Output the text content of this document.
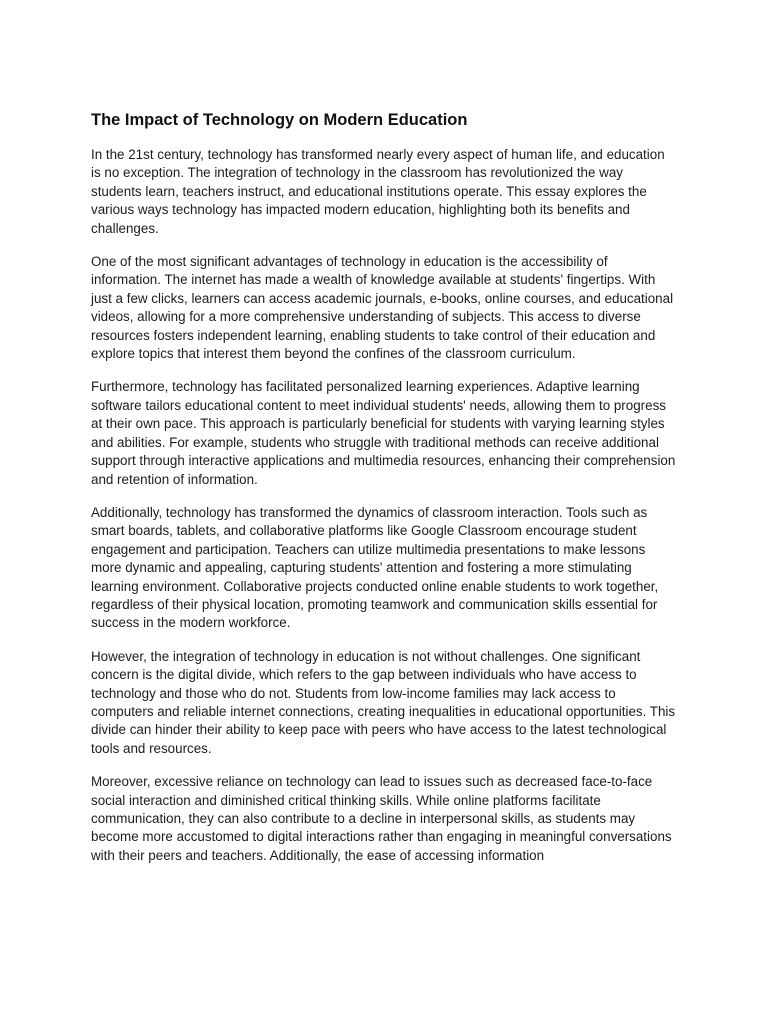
The Impact of Technology on Modern Education

In the 21st century, technology has transformed nearly every aspect of human life, and education is no exception. The integration of technology in the classroom has revolutionized the way students learn, teachers instruct, and educational institutions operate. This essay explores the various ways technology has impacted modern education, highlighting both its benefits and challenges.

One of the most significant advantages of technology in education is the accessibility of information. The internet has made a wealth of knowledge available at students' fingertips. With just a few clicks, learners can access academic journals, e-books, online courses, and educational videos, allowing for a more comprehensive understanding of subjects. This access to diverse resources fosters independent learning, enabling students to take control of their education and explore topics that interest them beyond the confines of the classroom curriculum.

Furthermore, technology has facilitated personalized learning experiences. Adaptive learning software tailors educational content to meet individual students' needs, allowing them to progress at their own pace. This approach is particularly beneficial for students with varying learning styles and abilities. For example, students who struggle with traditional methods can receive additional support through interactive applications and multimedia resources, enhancing their comprehension and retention of information.

Additionally, technology has transformed the dynamics of classroom interaction. Tools such as smart boards, tablets, and collaborative platforms like Google Classroom encourage student engagement and participation. Teachers can utilize multimedia presentations to make lessons more dynamic and appealing, capturing students' attention and fostering a more stimulating learning environment. Collaborative projects conducted online enable students to work together, regardless of their physical location, promoting teamwork and communication skills essential for success in the modern workforce.

However, the integration of technology in education is not without challenges. One significant concern is the digital divide, which refers to the gap between individuals who have access to technology and those who do not. Students from low-income families may lack access to computers and reliable internet connections, creating inequalities in educational opportunities. This divide can hinder their ability to keep pace with peers who have access to the latest technological tools and resources.

Moreover, excessive reliance on technology can lead to issues such as decreased face-to-face social interaction and diminished critical thinking skills. While online platforms facilitate communication, they can also contribute to a decline in interpersonal skills, as students may become more accustomed to digital interactions rather than engaging in meaningful conversations with their peers and teachers. Additionally, the ease of accessing information
